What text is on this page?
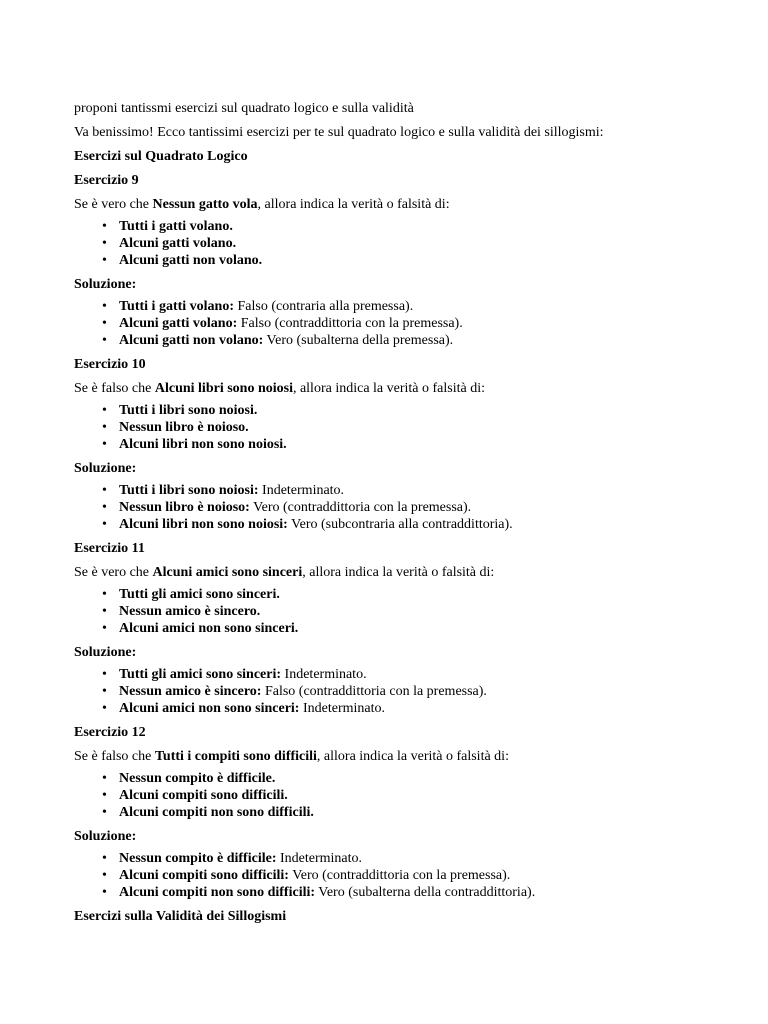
proponi tantissmi esercizi sul quadrato logico e sulla validità

Va benissimo! Ecco tantissimi esercizi per te sul quadrato logico e sulla validità dei sillogismi:

Esercizi sul Quadrato Logico

Esercizio 9

Se è vero che Nessun gatto vola, allora indica la verità o falsità di:

• Tutti i gatti volano.
• Alcuni gatti volano.
• Alcuni gatti non volano.

Soluzione:

• Tutti i gatti volano: Falso (contraria alla premessa).
• Alcuni gatti volano: Falso (contraddittoria con la premessa).
• Alcuni gatti non volano: Vero (subalterna della premessa).

Esercizio 10

Se è falso che Alcuni libri sono noiosi, allora indica la verità o falsità di:

• Tutti i libri sono noiosi.
• Nessun libro è noioso.
• Alcuni libri non sono noiosi.

Soluzione:

• Tutti i libri sono noiosi: Indeterminato.
• Nessun libro è noioso: Vero (contraddittoria con la premessa).
• Alcuni libri non sono noiosi: Vero (subcontraria alla contraddittoria).

Esercizio 11

Se è vero che Alcuni amici sono sinceri, allora indica la verità o falsità di:

• Tutti gli amici sono sinceri.
• Nessun amico è sincero.
• Alcuni amici non sono sinceri.

Soluzione:

• Tutti gli amici sono sinceri: Indeterminato.
• Nessun amico è sincero: Falso (contraddittoria con la premessa).
• Alcuni amici non sono sinceri: Indeterminato.

Esercizio 12

Se è falso che Tutti i compiti sono difficili, allora indica la verità o falsità di:

• Nessun compito è difficile.
• Alcuni compiti sono difficili.
• Alcuni compiti non sono difficili.

Soluzione:

• Nessun compito è difficile: Indeterminato.
• Alcuni compiti sono difficili: Vero (contraddittoria con la premessa).
• Alcuni compiti non sono difficili: Vero (subalterna della contraddittoria).

Esercizi sulla Validità dei Sillogismi
